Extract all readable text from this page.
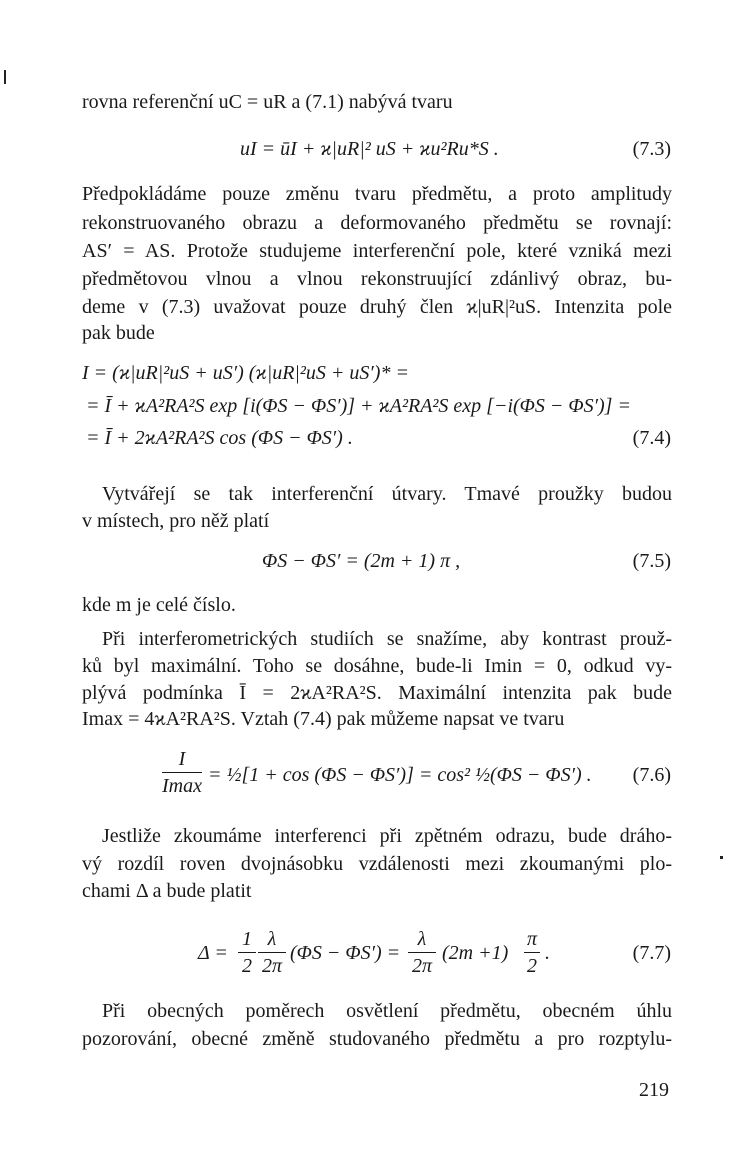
rovna referenční uC = uR a (7.1) nabývá tvaru
uI = ūI + ϰ|uR|² uS + ϰu²Ru*S .	(7.3)
Předpokládáme pouze změnu tvaru předmětu, a proto amplitudy
rekonstruovaného obrazu a deformovaného předmětu se rovnají:
AS′ = AS. Protože studujeme interferenční pole, které vzniká mezi
předmětovou vlnou a vlnou rekonstruující zdánlivý obraz, bu-
deme v (7.3) uvažovat pouze druhý člen ϰ|uR|²uS. Intenzita pole
pak bude
I = (ϰ|uR|²uS + uS′) (ϰ|uR|²uS + uS′)* =
= Ī + ϰA²RA²S exp [i(ΦS − ΦS′)] + ϰA²RA²S exp [−i(ΦS − ΦS′)] =
= Ī + 2ϰA²RA²S cos (ΦS − ΦS′) .	(7.4)
Vytvářejí se tak interferenční útvary. Tmavé proužky budou
v místech, pro něž platí
ΦS − ΦS′ = (2m + 1) π ,	(7.5)
kde m je celé číslo.
Při interferometrických studiích se snažíme, aby kontrast prouž-
ků byl maximální. Toho se dosáhne, bude-li Imin = 0, odkud vy-
plývá podmínka Ī = 2ϰA²RA²S. Maximální intenzita pak bude
Imax = 4ϰA²RA²S. Vztah (7.4) pak můžeme napsat ve tvaru
I
Imax = ½[1 + cos (ΦS − ΦS′)] = cos² ½(ΦS − ΦS′) . (7.6)
Jestliže zkoumáme interferenci při zpětném odrazu, bude dráho-
vý rozdíl roven dvojnásobku vzdálenosti mezi zkoumanými plo-
chami Δ a bude platit
Δ =
1
2
λ
2π
(ΦS − ΦS′) =
λ
2π
(2m +1)
π
2
.	(7.7)
Při obecných poměrech osvětlení předmětu, obecném úhlu
pozorování, obecné změně studovaného předmětu a pro rozptylu-
219
